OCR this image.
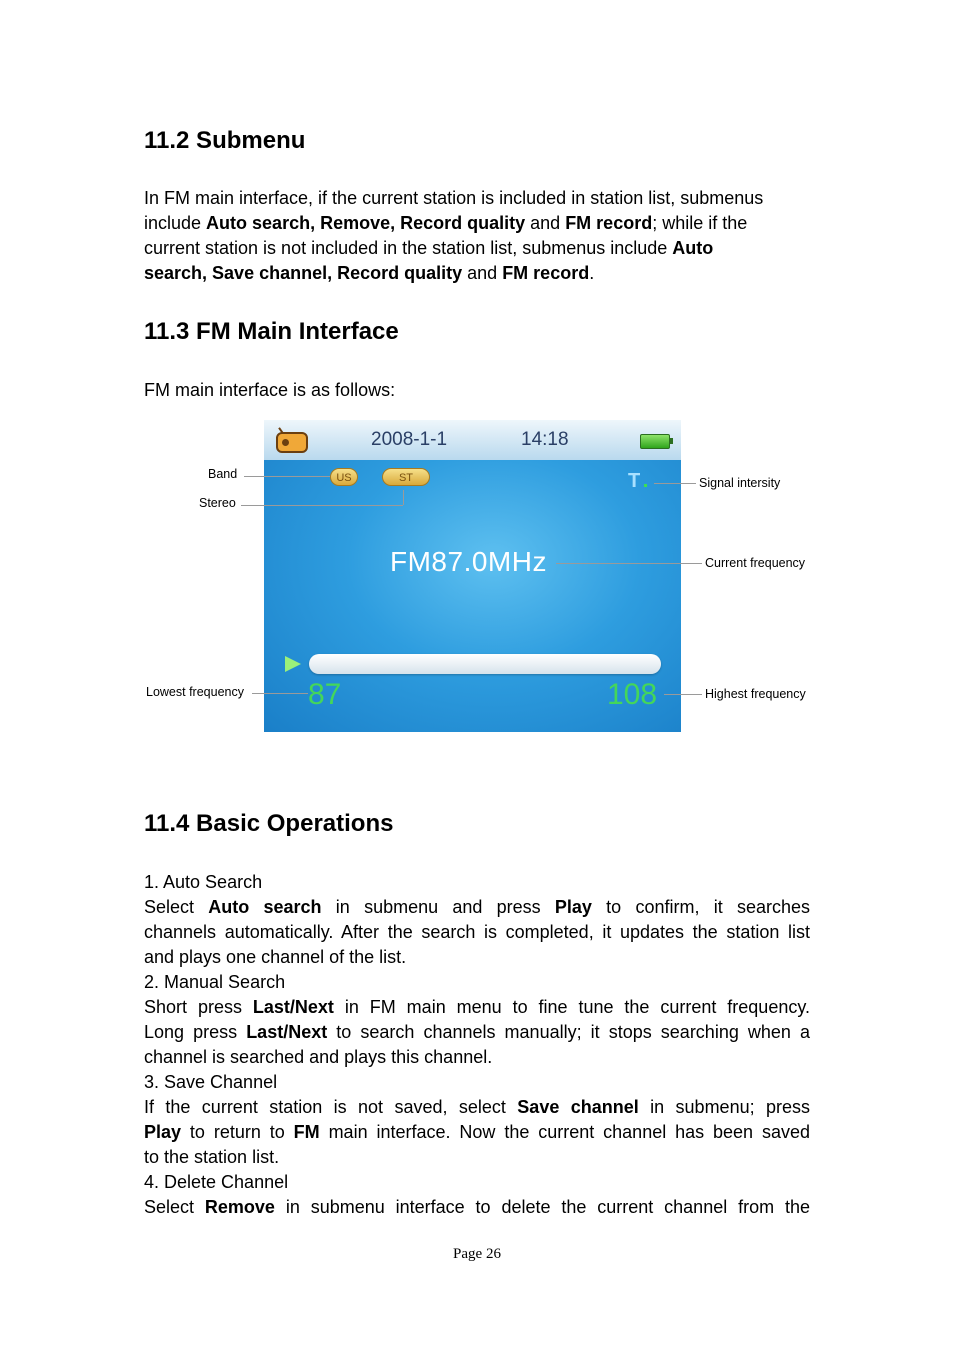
11.2 Submenu
In FM main interface, if the current station is included in station list, submenus
include Auto search, Remove, Record quality and FM record; while if the
current station is not included in the station list, submenus include Auto
search, Save channel, Record quality and FM record.
11.3 FM Main Interface

FM main interface is as follows:

2008-1-1	14:18
US	ST	T
FM87.0MHz
87	108
Band
Stereo
Signal intersity
Current frequency
Lowest frequency	Highest frequency
11.4 Basic Operations
1. Auto Search
Select Auto search in submenu and press Play to confirm, it searches
channels automatically. After the search is completed, it updates the station list
and plays one channel of the list.
2. Manual Search
Short press Last/Next in FM main menu to fine tune the current frequency.
Long press Last/Next to search channels manually; it stops searching when a
channel is searched and plays this channel.
3. Save Channel
If the current station is not saved, select Save channel in submenu; press
Play to return to FM main interface. Now the current channel has been saved
to the station list.
4. Delete Channel
Select Remove in submenu interface to delete the current channel from the
Page 26
